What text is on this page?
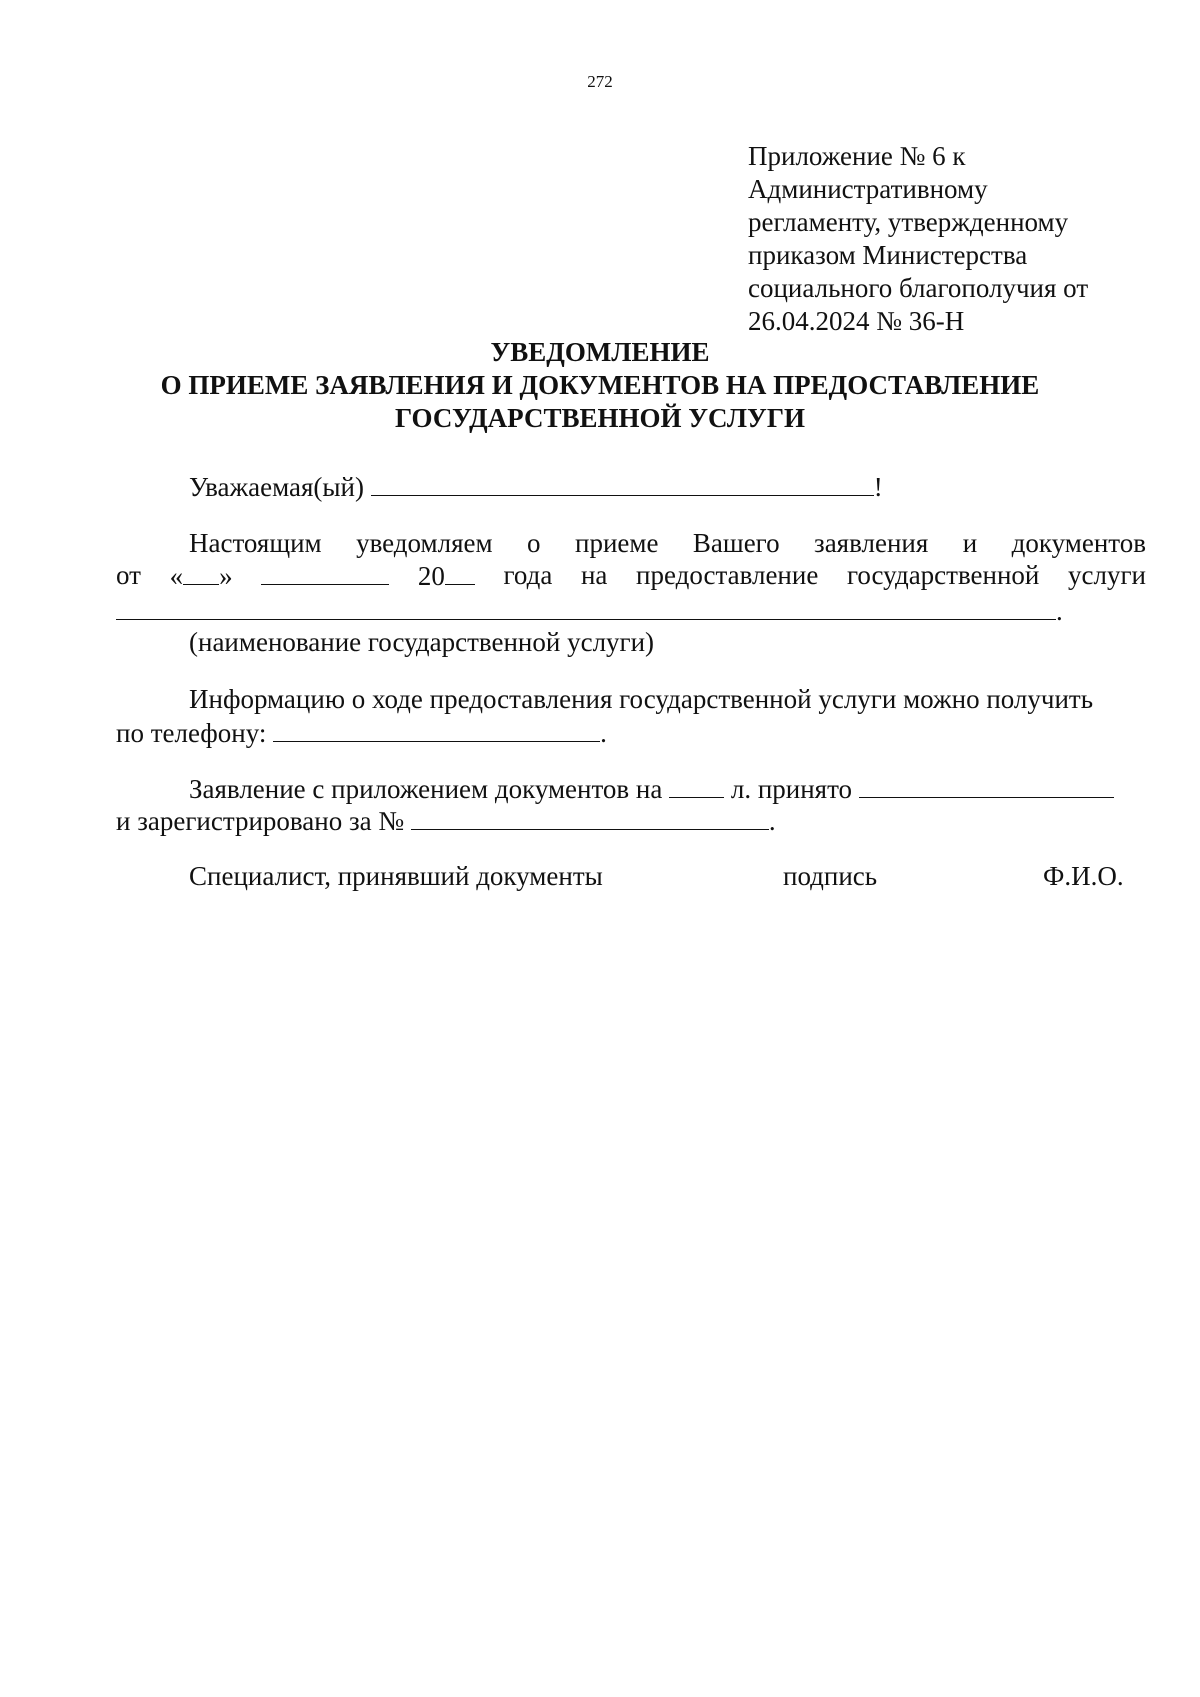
272
Приложение № 6 к
Административному
регламенту, утвержденному
приказом Министерства
социального благополучия от
26.04.2024 № 36-Н
УВЕДОМЛЕНИЕ
О ПРИЕМЕ ЗАЯВЛЕНИЯ И ДОКУМЕНТОВ НА ПРЕДОСТАВЛЕНИЕ
ГОСУДАРСТВЕННОЙ УСЛУГИ
Уважаемая(ый)	!
Настоящим уведомляем о приеме Вашего заявления и документов
от « »	20	года на предоставление государственной услуги
.
(наименование государственной услуги)
Информацию о ходе предоставления государственной услуги можно получить
по телефону:	.
Заявление с приложением документов на	л. принято
и зарегистрировано за №	.
Специалист, принявший документы	подпись	Ф.И.О.
